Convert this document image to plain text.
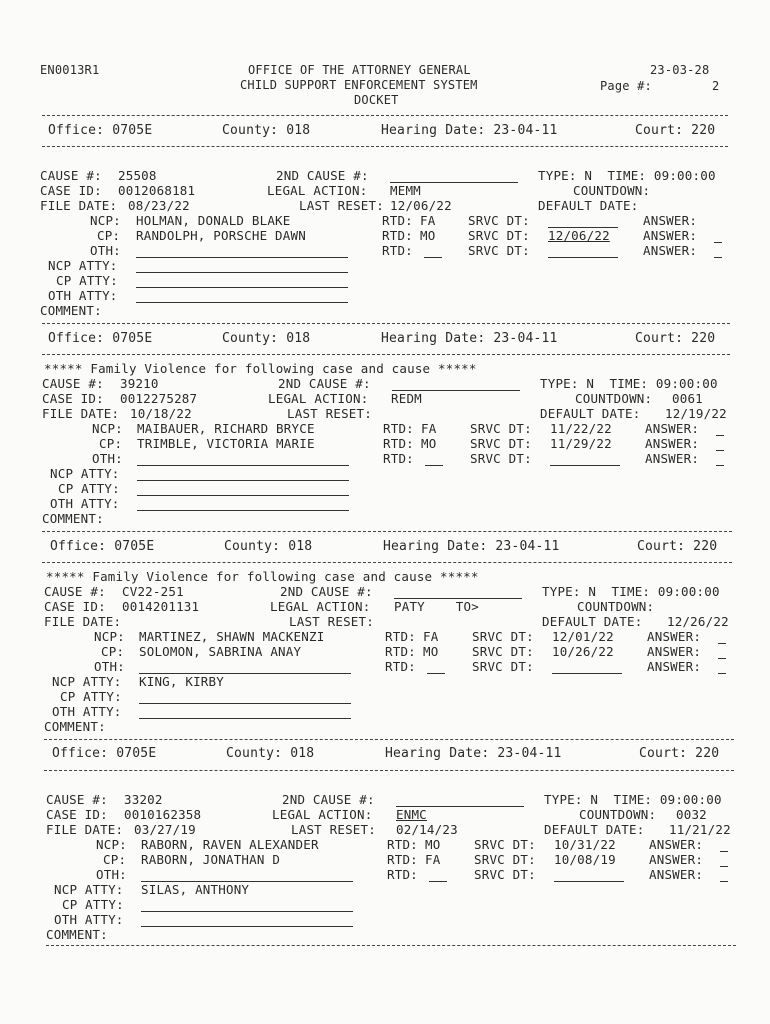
EN0013R1	OFFICE OF THE ATTORNEY GENERAL
CHILD SUPPORT ENFORCEMENT SYSTEM
DOCKET
23-03-28
Page #:	2
Office: 0705E	County: 018	Hearing Date: 23-04-11	Court: 220
CAUSE #: 25508	2ND CAUSE #:	TYPE: N  TIME: 09:00:00
CASE ID: 0012068181	LEGAL ACTION: MEMM	COUNTDOWN:
FILE DATE: 08/23/22	LAST RESET: 12/06/22	DEFAULT DATE:
NCP: HOLMAN, DONALD BLAKE	RTD: FA	SRVC DT:	ANSWER:
CP: RANDOLPH, PORSCHE DAWN	RTD: MO	SRVC DT: 12/06/22	ANSWER:
OTH:	RTD:	SRVC DT:	ANSWER:
NCP ATTY:
CP ATTY:
OTH ATTY:
COMMENT:
Office: 0705E	County: 018	Hearing Date: 23-04-11	Court: 220
***** Family Violence for following case and cause *****
CAUSE #: 39210	2ND CAUSE #:	TYPE: N  TIME: 09:00:00
CASE ID: 0012275287	LEGAL ACTION: REDM	COUNTDOWN: 0061
FILE DATE: 10/18/22	LAST RESET:	DEFAULT DATE: 12/19/22
NCP: MAIBAUER, RICHARD BRYCE	RTD: FA	SRVC DT: 11/22/22	ANSWER:
CP: TRIMBLE, VICTORIA MARIE	RTD: MO	SRVC DT: 11/29/22	ANSWER:
OTH:	RTD:	SRVC DT:	ANSWER:
NCP ATTY:
CP ATTY:
OTH ATTY:
COMMENT:
Office: 0705E	County: 018	Hearing Date: 23-04-11	Court: 220
***** Family Violence for following case and cause *****
CAUSE #: CV22-251	2ND CAUSE #:	TYPE: N  TIME: 09:00:00
CASE ID: 0014201131	LEGAL ACTION: PATY    TO>	COUNTDOWN:
FILE DATE:	LAST RESET:	DEFAULT DATE: 12/26/22
NCP: MARTINEZ, SHAWN MACKENZI	RTD: FA	SRVC DT: 12/01/22	ANSWER:
CP: SOLOMON, SABRINA ANAY	RTD: MO	SRVC DT: 10/26/22	ANSWER:
OTH:	RTD:	SRVC DT:	ANSWER:
NCP ATTY: KING, KIRBY
CP ATTY:
OTH ATTY:
COMMENT:
Office: 0705E	County: 018	Hearing Date: 23-04-11	Court: 220
CAUSE #: 33202	2ND CAUSE #:	TYPE: N  TIME: 09:00:00
CASE ID: 0010162358	LEGAL ACTION: ENMC	COUNTDOWN: 0032
FILE DATE: 03/27/19	LAST RESET: 02/14/23	DEFAULT DATE: 11/21/22
NCP: RABORN, RAVEN ALEXANDER	RTD: MO	SRVC DT: 10/31/22	ANSWER:
CP: RABORN, JONATHAN D	RTD: FA	SRVC DT: 10/08/19	ANSWER:
OTH:	RTD:	SRVC DT:	ANSWER:
NCP ATTY: SILAS, ANTHONY
CP ATTY:
OTH ATTY:
COMMENT:
